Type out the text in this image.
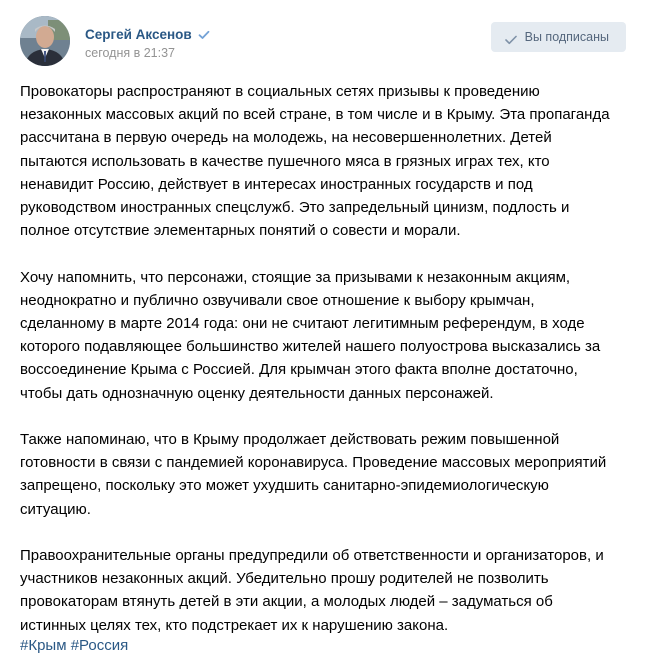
Сергей Аксенов
сегодня в 21:37
Вы подписаны

Провокаторы распространяют в социальных сетях призывы к проведению
незаконных массовых акций по всей стране, в том числе и в Крыму. Эта пропаганда
рассчитана в первую очередь на молодежь, на несовершеннолетних. Детей
пытаются использовать в качестве пушечного мяса в грязных играх тех, кто
ненавидит Россию, действует в интересах иностранных государств и под
руководством иностранных спецслужб. Это запредельный цинизм, подлость и
полное отсутствие элементарных понятий о совести и морали.

Хочу напомнить, что персонажи, стоящие за призывами к незаконным акциям,
неоднократно и публично озвучивали свое отношение к выбору крымчан,
сделанному в марте 2014 года: они не считают легитимным референдум, в ходе
которого подавляющее большинство жителей нашего полуострова высказались за
воссоединение Крыма с Россией. Для крымчан этого факта вполне достаточно,
чтобы дать однозначную оценку деятельности данных персонажей.

Также напоминаю, что в Крыму продолжает действовать режим повышенной
готовности в связи с пандемией коронавируса. Проведение массовых мероприятий
запрещено, поскольку это может ухудшить санитарно-эпидемиологическую
ситуацию.

Правоохранительные органы предупредили об ответственности и организаторов, и
участников незаконных акций. Убедительно прошу родителей не позволить
провокаторам втянуть детей в эти акции, а молодых людей – задуматься об
истинных целях тех, кто подстрекает их к нарушению закона.

#Крым #Россия
